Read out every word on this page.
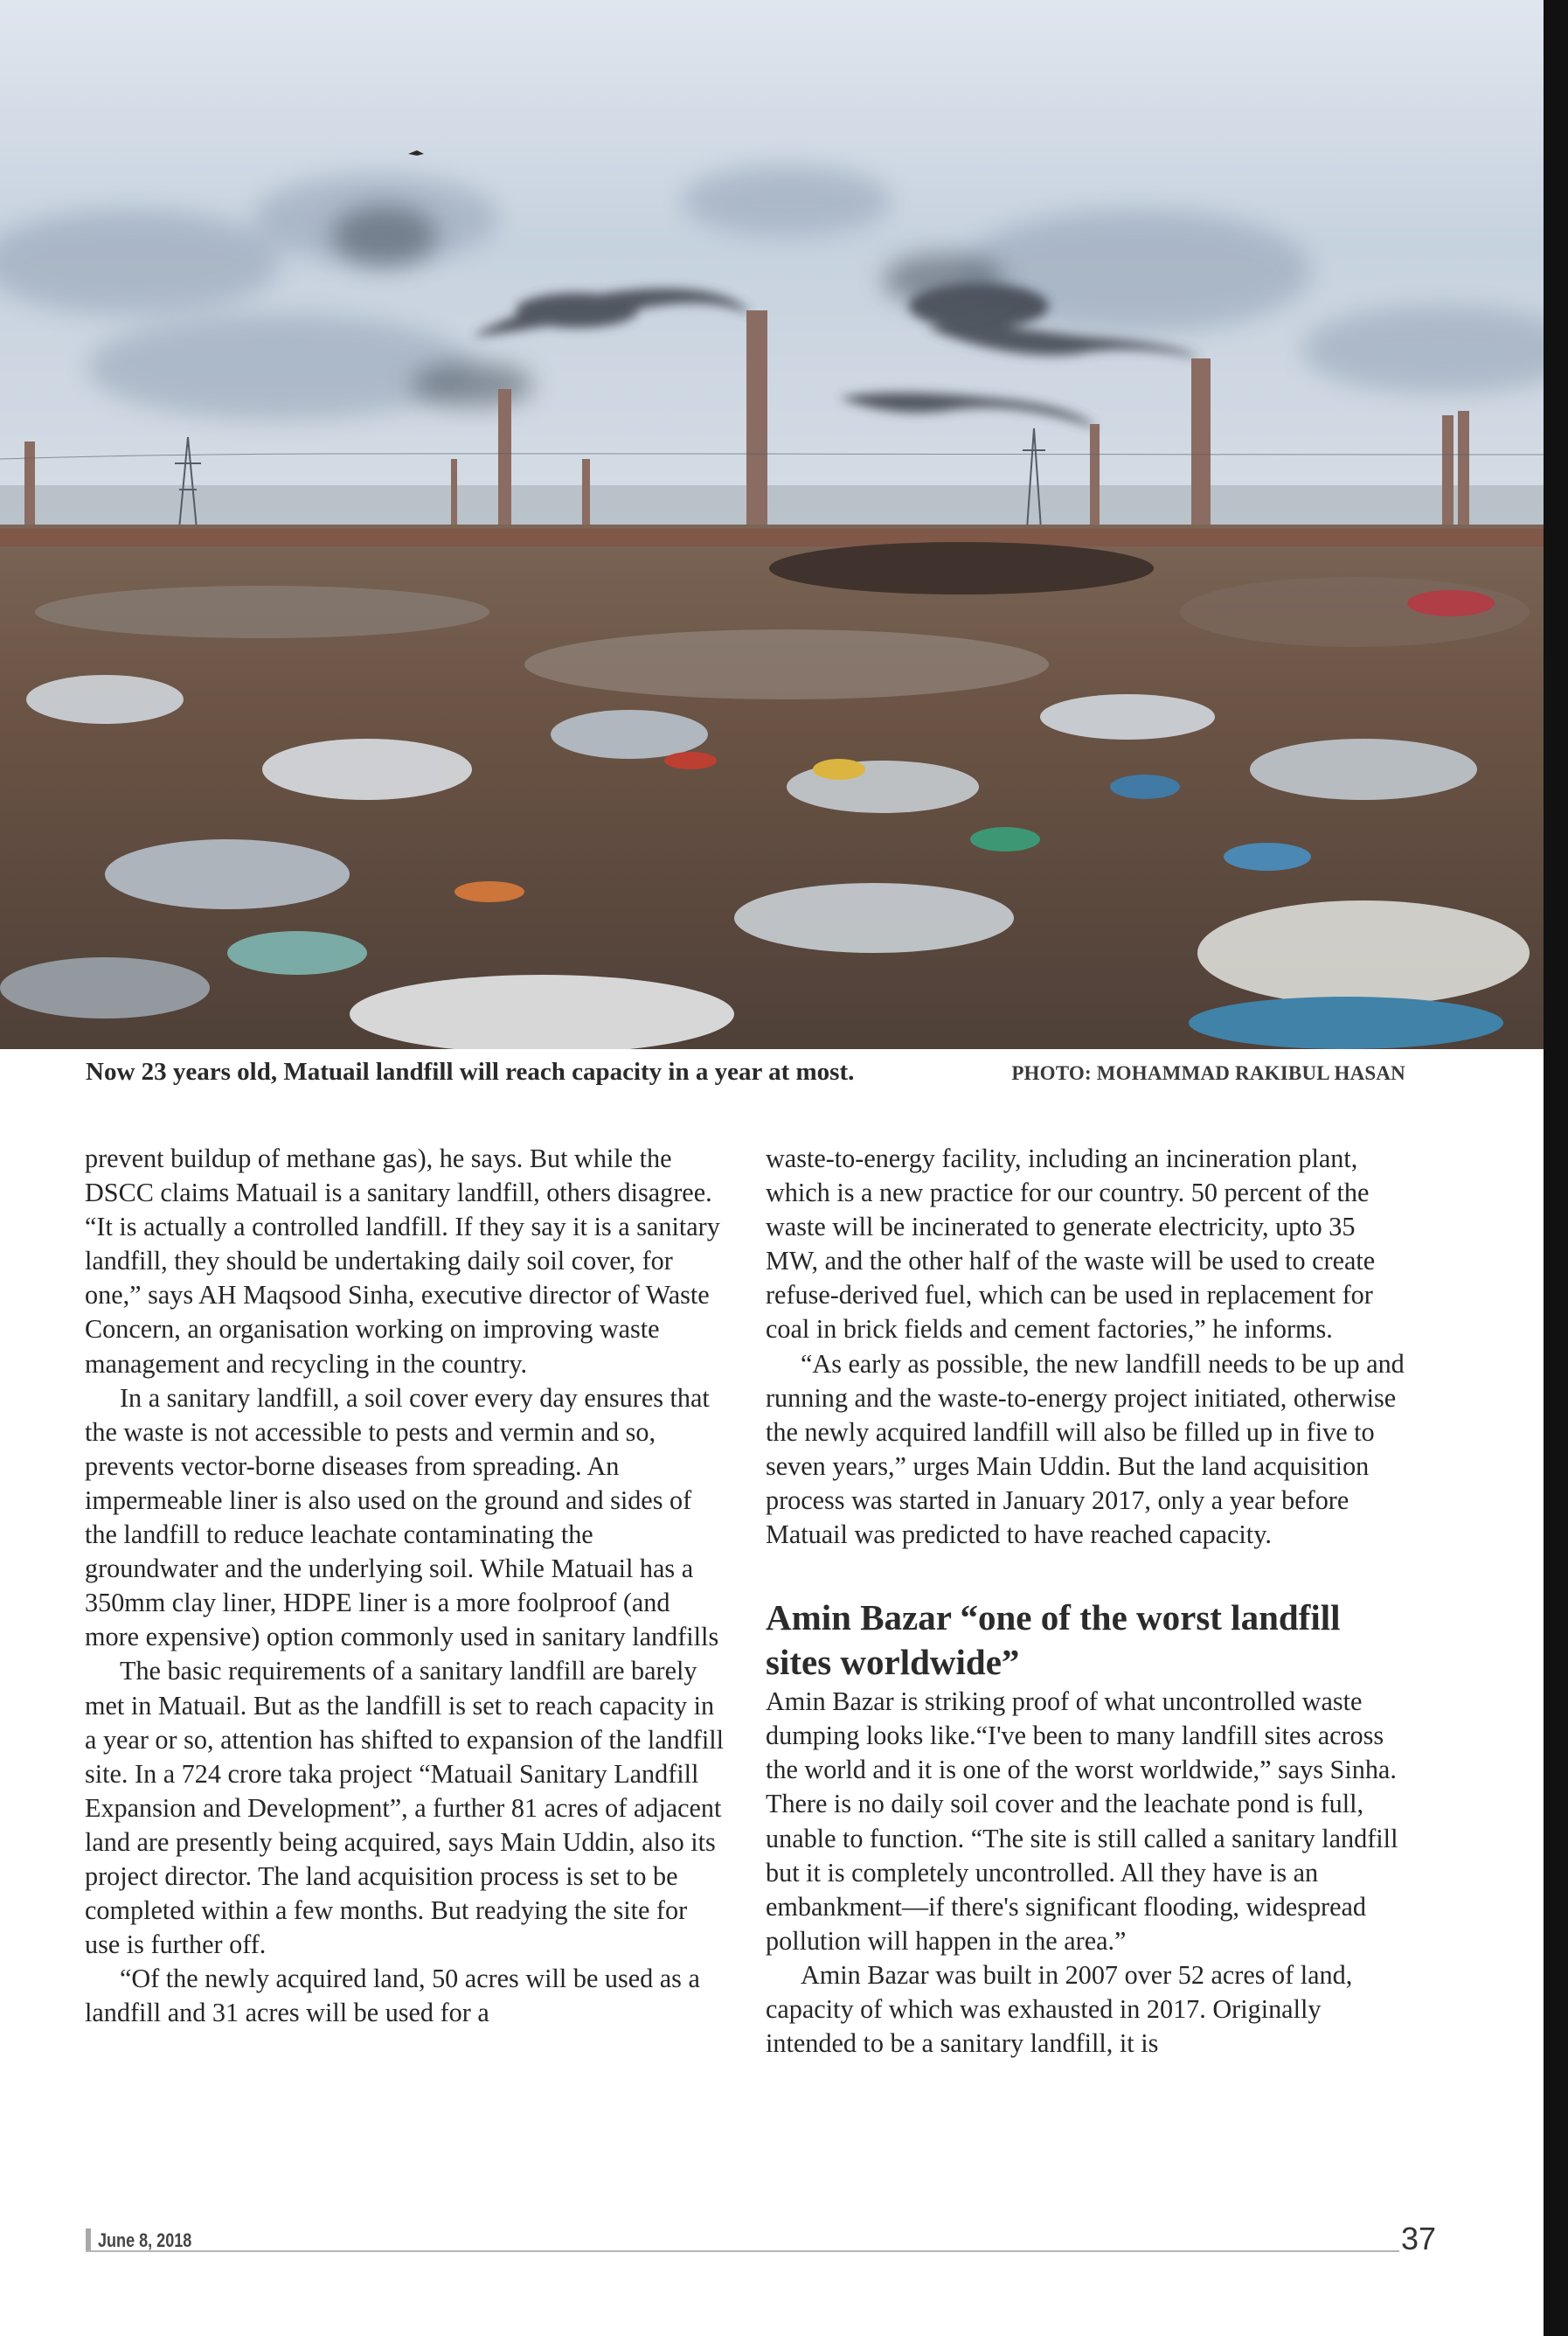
Now 23 years old, Matuail landfill will reach capacity in a year at most.	PHOTO: MOHAMMAD RAKIBUL HASAN

prevent buildup of methane gas), he says. But while the DSCC claims Matuail is a sanitary landfill, others disagree. “It is actually a controlled landfill. If they say it is a sanitary landfill, they should be undertaking daily soil cover, for one,” says AH Maqsood Sinha, executive director of Waste Concern, an organisation working on improving waste management and recycling in the country.

In a sanitary landfill, a soil cover every day ensures that the waste is not accessible to pests and vermin and so, prevents vector-borne diseases from spreading. An impermeable liner is also used on the ground and sides of the landfill to reduce leachate contaminating the groundwater and the underlying soil. While Matuail has a 350mm clay liner, HDPE liner is a more foolproof (and more expensive) option commonly used in sanitary landfills

The basic requirements of a sanitary landfill are barely met in Matuail. But as the landfill is set to reach capacity in a year or so, attention has shifted to expansion of the landfill site. In a 724 crore taka project “Matuail Sanitary Landfill Expansion and Development”, a further 81 acres of adjacent land are presently being acquired, says Main Uddin, also its project director. The land acquisition process is set to be completed within a few months. But readying the site for use is further off.

“Of the newly acquired land, 50 acres will be used as a landfill and 31 acres will be used for a

waste-to-energy facility, including an incineration plant, which is a new practice for our country. 50 percent of the waste will be incinerated to generate electricity, upto 35 MW, and the other half of the waste will be used to create refuse-derived fuel, which can be used in replacement for coal in brick fields and cement factories,” he informs.

“As early as possible, the new landfill needs to be up and running and the waste-to-energy project initiated, otherwise the newly acquired landfill will also be filled up in five to seven years,” urges Main Uddin. But the land acquisition process was started in January 2017, only a year before Matuail was predicted to have reached capacity.

Amin Bazar “one of the worst landfill sites worldwide”

Amin Bazar is striking proof of what uncontrolled waste dumping looks like.“I've been to many landfill sites across the world and it is one of the worst worldwide,” says Sinha. There is no daily soil cover and the leachate pond is full, unable to function. “The site is still called a sanitary landfill but it is completely uncontrolled. All they have is an embankment—if there's significant flooding, widespread pollution will happen in the area.”

Amin Bazar was built in 2007 over 52 acres of land, capacity of which was exhausted in 2017. Originally intended to be a sanitary landfill, it is

June 8, 2018	37
